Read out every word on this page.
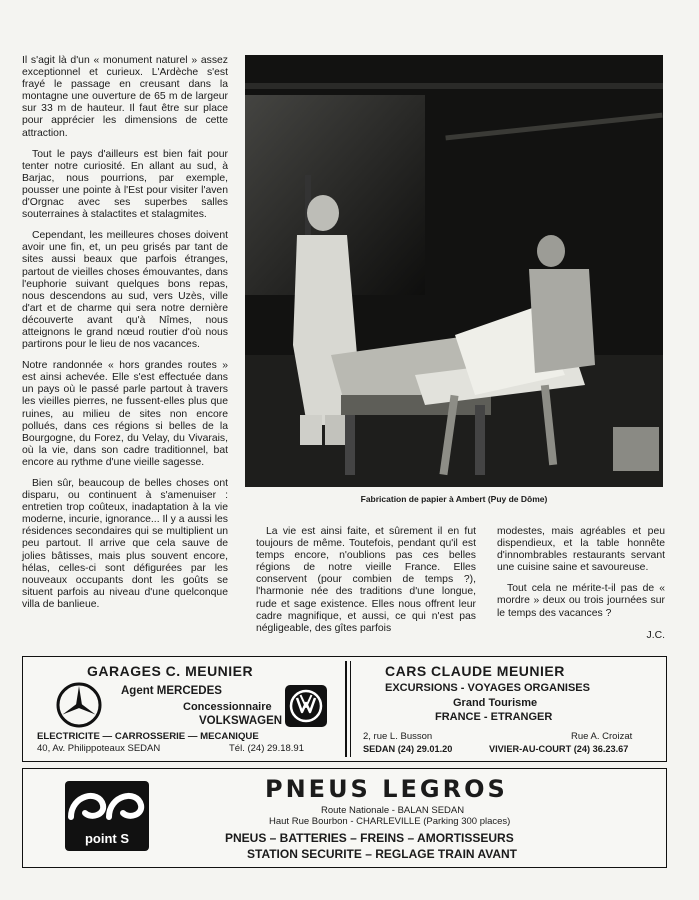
Il s'agit là d'un « monument naturel » assez exceptionnel et curieux. L'Ardèche s'est frayé le passage en creusant dans la montagne une ouverture de 65 m de largeur sur 33 m de hauteur. Il faut être sur place pour apprécier les dimensions de cette attraction.

Tout le pays d'ailleurs est bien fait pour tenter notre curiosité. En allant au sud, à Barjac, nous pourrions, par exemple, pousser une pointe à l'Est pour visiter l'aven d'Orgnac avec ses superbes salles souterraines à stalactites et stalagmites.

Cependant, les meilleures choses doivent avoir une fin, et, un peu grisés par tant de sites aussi beaux que parfois étranges, partout de vieilles choses émouvantes, dans l'euphorie suivant quelques bons repas, nous descendons au sud, vers Uzès, ville d'art et de charme qui sera notre dernière découverte avant qu'à Nîmes, nous atteignons le grand nœud routier d'où nous partirons pour le lieu de nos vacances.

Notre randonnée « hors grandes routes » est ainsi achevée. Elle s'est effectuée dans un pays où le passé parle partout à travers les vieilles pierres, ne fussent-elles plus que ruines, au milieu de sites non encore pollués, dans ces régions si belles de la Bourgogne, du Forez, du Velay, du Vivarais, où la vie, dans son cadre traditionnel, bat encore au rythme d'une vieille sagesse.

Bien sûr, beaucoup de belles choses ont disparu, ou continuent à s'amenuiser : entretien trop coûteux, inadaptation à la vie moderne, incurie, ignorance... Il y a aussi les résidences secondaires qui se multiplient un peu partout. Il arrive que cela sauve de jolies bâtisses, mais plus souvent encore, hélas, celles-ci sont défigurées par les nouveaux occupants dont les goûts se situent parfois au niveau d'une quelconque villa de banlieue.

Fabrication de papier à Ambert (Puy de Dôme)

La vie est ainsi faite, et sûrement il en fut toujours de même. Toutefois, pendant qu'il est temps encore, n'oublions pas ces belles régions de notre vieille France. Elles conservent (pour combien de temps ?), l'harmonie née des traditions d'une longue, rude et sage existence. Elles nous offrent leur cadre magnifique, et aussi, ce qui n'est pas négligeable, des gîtes parfois

modestes, mais agréables et peu dispendieux, et la table honnête d'innombrables restaurants servant une cuisine saine et savoureuse.

Tout cela ne mérite-t-il pas de « mordre » deux ou trois journées sur le temps des vacances ?

J.C.
GARAGES C. MEUNIER
Agent MERCEDES
Concessionnaire
VOLKSWAGEN
ELECTRICITE — CARROSSERIE — MECANIQUE
40, Av. Philippoteaux SEDAN	Tél. (24) 29.18.91
CARS CLAUDE MEUNIER
EXCURSIONS - VOYAGES ORGANISES
Grand Tourisme
FRANCE - ETRANGER
2, rue L. Busson	Rue A. Croizat
SEDAN (24) 29.01.20	VIVIER-AU-COURT (24) 36.23.67
point S
PNEUS LEGROS
Route Nationale - BALAN SEDAN
Haut Rue Bourbon - CHARLEVILLE (Parking 300 places)
PNEUS – BATTERIES – FREINS – AMORTISSEURS
STATION SECURITE – REGLAGE TRAIN AVANT
